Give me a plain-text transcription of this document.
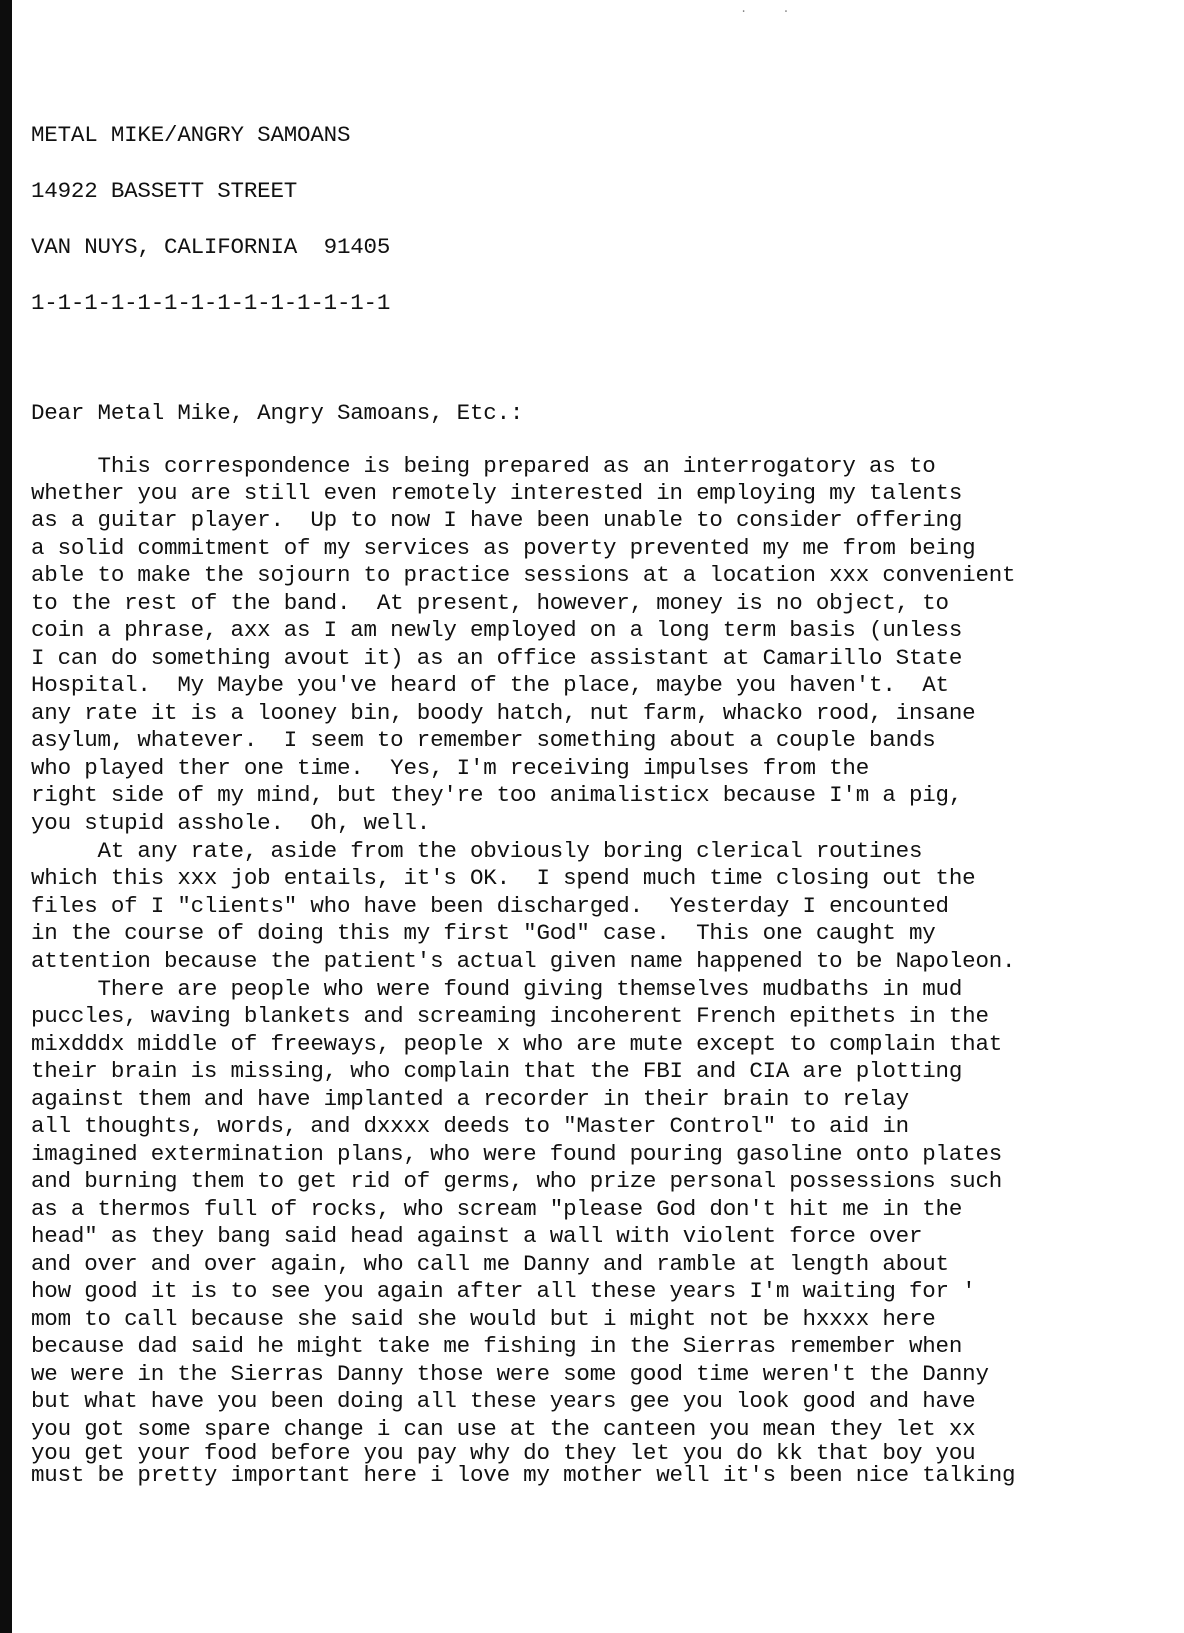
. .
METAL MIKE/ANGRY SAMOANS
14922 BASSETT STREET
VAN NUYS, CALIFORNIA  91405
1-1-1-1-1-1-1-1-1-1-1-1-1-1
Dear Metal Mike, Angry Samoans, Etc.:
This correspondence is being prepared as an interrogatory as to
whether you are still even remotely interested in employing my talents
as a guitar player.  Up to now I have been unable to consider offering
a solid commitment of my services as poverty prevented my me from being
able to make the sojourn to practice sessions at a location xxx convenient
to the rest of the band.  At present, however, money is no object, to
coin a phrase, axx as I am newly employed on a long term basis (unless
I can do something avout it) as an office assistant at Camarillo State
Hospital.  My Maybe you've heard of the place, maybe you haven't.  At
any rate it is a looney bin, boody hatch, nut farm, whacko rood, insane
asylum, whatever.  I seem to remember something about a couple bands
who played ther one time.  Yes, I'm receiving impulses from the
right side of my mind, but they're too animalisticx because I'm a pig,
you stupid asshole.  Oh, well.
At any rate, aside from the obviously boring clerical routines
which this xxx job entails, it's OK.  I spend much time closing out the
files of I "clients" who have been discharged.  Yesterday I encounted
in the course of doing this my first "God" case.  This one caught my
attention because the patient's actual given name happened to be Napoleon.
There are people who were found giving themselves mudbaths in mud
puccles, waving blankets and screaming incoherent French epithets in the
mixdddx middle of freeways, people x who are mute except to complain that
their brain is missing, who complain that the FBI and CIA are plotting
against them and have implanted a recorder in their brain to relay
all thoughts, words, and dxxxx deeds to "Master Control" to aid in
imagined extermination plans, who were found pouring gasoline onto plates
and burning them to get rid of germs, who prize personal possessions such
as a thermos full of rocks, who scream "please God don't hit me in the
head" as they bang said head against a wall with violent force over
and over and over again, who call me Danny and ramble at length about
how good it is to see you again after all these years I'm waiting for '
mom to call because she said she would but i might not be hxxxx here
because dad said he might take me fishing in the Sierras remember when
we were in the Sierras Danny those were some good time weren't the Danny
but what have you been doing all these years gee you look good and have
you got some spare change i can use at the canteen you mean they let xx
you get your food before you pay why do they let you do kk that boy you
must be pretty important here i love my mother well it's been nice talking
